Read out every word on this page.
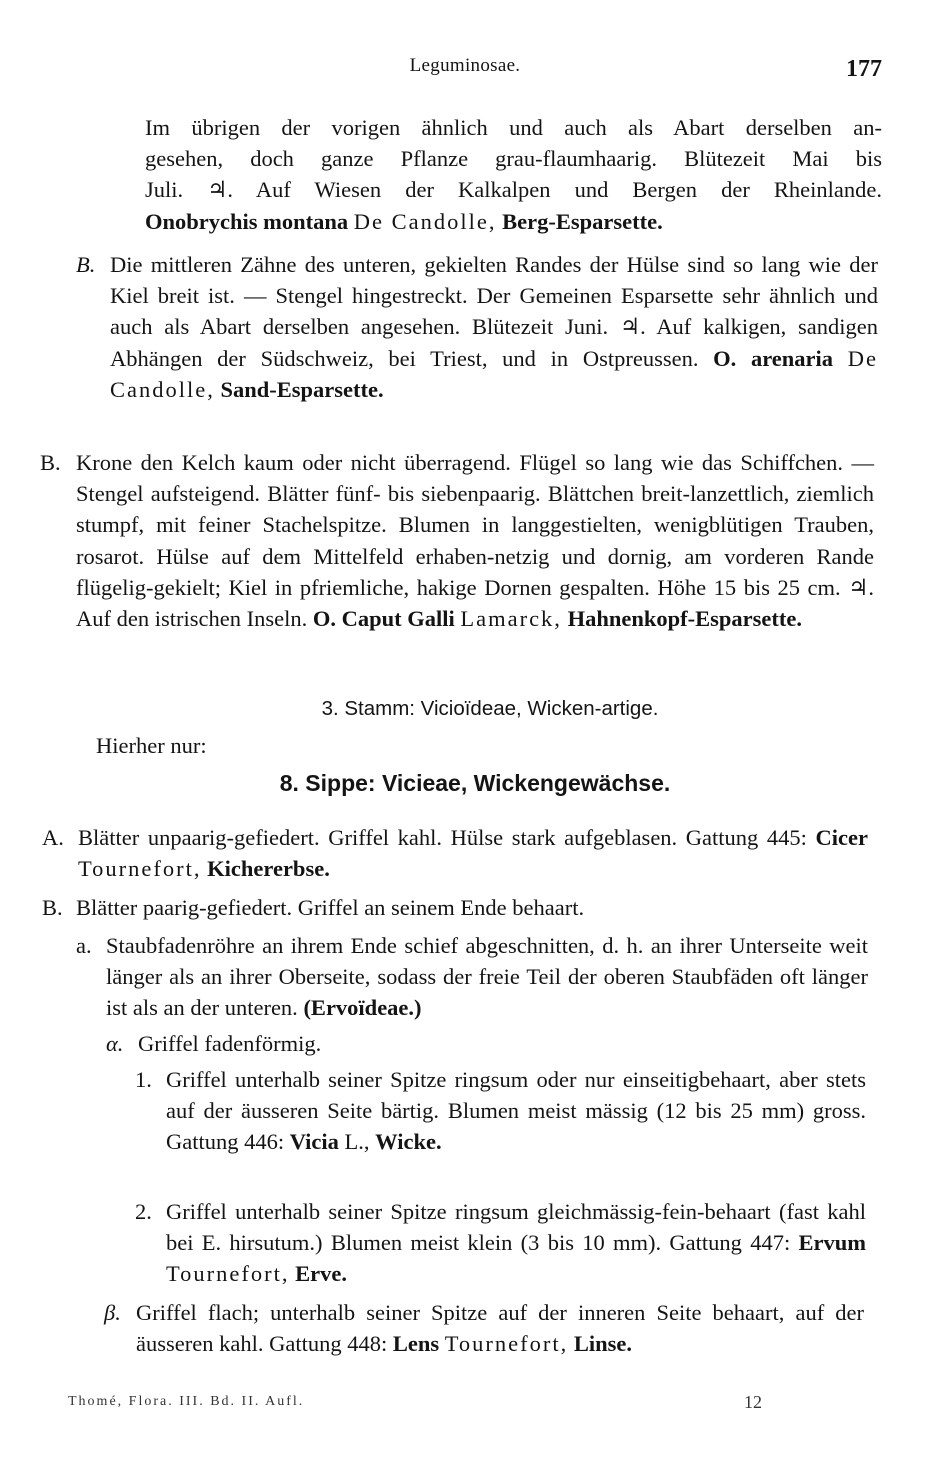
Leguminosae.	177
Im übrigen der vorigen ähnlich und auch als Abart derselben an-
gesehen, doch ganze Pflanze grau-flaumhaarig. Blütezeit Mai bis
Juli. ♃. Auf Wiesen der Kalkalpen und Bergen der Rheinlande.
Onobrychis montana De Candolle, Berg-Esparsette.
B. Die mittleren Zähne des unteren, gekielten Randes der Hülse sind so lang wie der Kiel breit ist. — Stengel hingestreckt. Der Gemeinen Esparsette sehr ähnlich und auch als Abart derselben angesehen. Blütezeit Juni. ♃. Auf kalkigen, sandigen Abhängen der Südschweiz, bei Triest, und in Ostpreussen. O. arenaria De Candolle, Sand-Esparsette.
B. Krone den Kelch kaum oder nicht überragend. Flügel so lang wie das Schiffchen. — Stengel aufsteigend. Blätter fünf- bis siebenpaarig. Blättchen breit-lanzettlich, ziemlich stumpf, mit feiner Stachelspitze. Blumen in langgestielten, wenigblütigen Trauben, rosarot. Hülse auf dem Mittelfeld erhaben-netzig und dornig, am vorderen Rande flügelig-gekielt; Kiel in pfriemliche, hakige Dornen gespalten. Höhe 15 bis 25 cm. ♃. Auf den istrischen Inseln. O. Caput Galli Lamarck, Hahnenkopf-Esparsette.
3. Stamm: Vicioïdeae, Wicken-artige.
Hierher nur:
8. Sippe: Vicieae, Wickengewächse.
A. Blätter unpaarig-gefiedert. Griffel kahl. Hülse stark aufgeblasen. Gattung 445: Cicer Tournefort, Kichererbse.
B. Blätter paarig-gefiedert. Griffel an seinem Ende behaart.
a. Staubfadenröhre an ihrem Ende schief abgeschnitten, d. h. an ihrer Unterseite weit länger als an ihrer Oberseite, sodass der freie Teil der oberen Staubfäden oft länger ist als an der unteren. (Ervoïdeae.)
α. Griffel fadenförmig.
1. Griffel unterhalb seiner Spitze ringsum oder nur einseitigbehaart, aber stets auf der äusseren Seite bärtig. Blumen meist mässig (12 bis 25 mm) gross. Gattung 446: Vicia L., Wicke.
2. Griffel unterhalb seiner Spitze ringsum gleichmässig-fein-behaart (fast kahl bei E. hirsutum.) Blumen meist klein (3 bis 10 mm). Gattung 447: Ervum Tournefort, Erve.
β. Griffel flach; unterhalb seiner Spitze auf der inneren Seite behaart, auf der äusseren kahl. Gattung 448: Lens Tournefort, Linse.
Thomé, Flora. III. Bd. II. Aufl.	12
